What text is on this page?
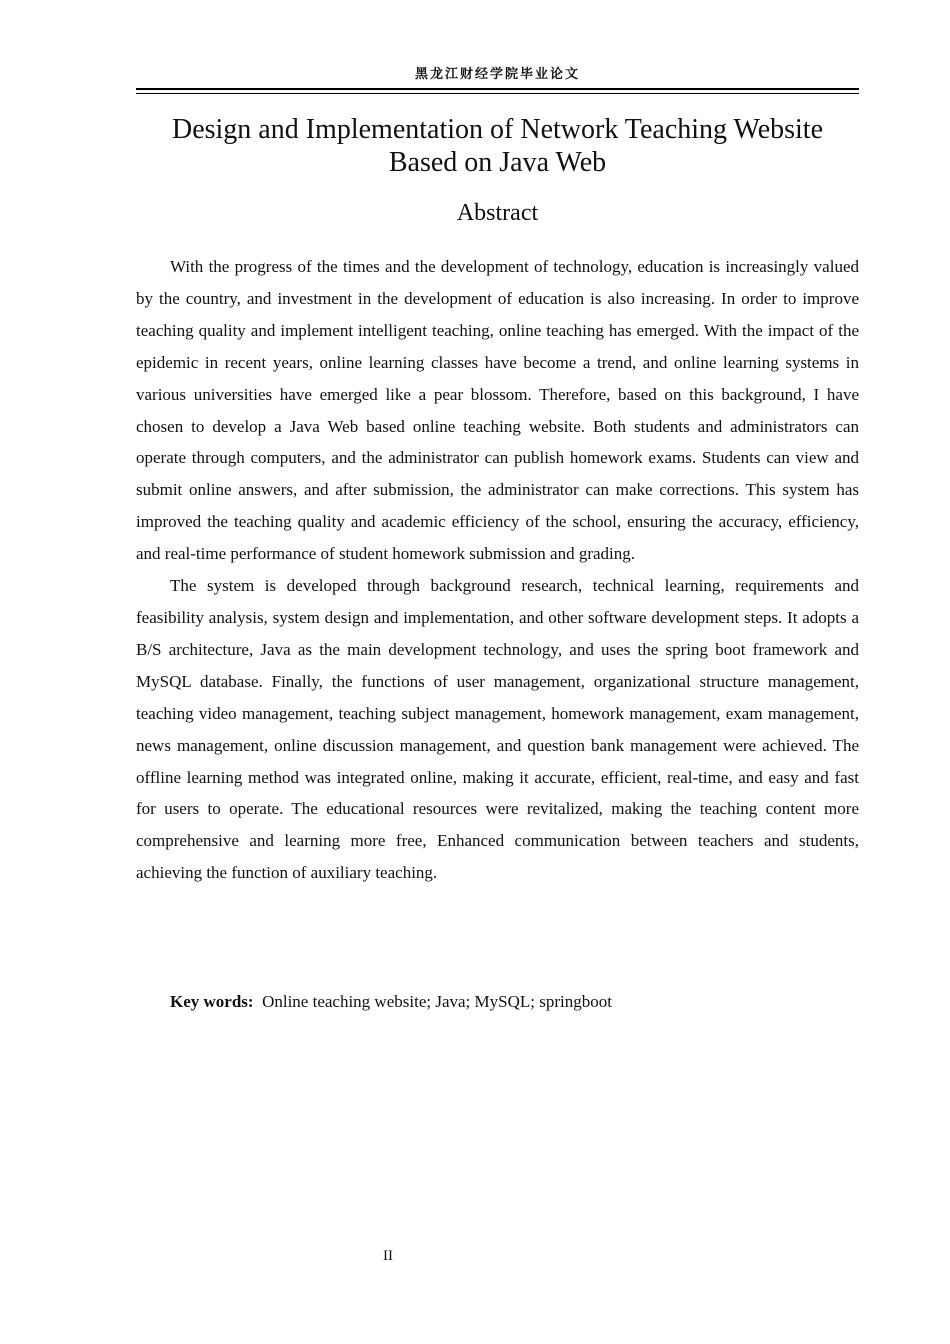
黑龙江财经学院毕业论文
Design and Implementation of Network Teaching Website
Based on Java Web
Abstract

With the progress of the times and the development of technology, education is increasingly valued by the country, and investment in the development of education is also increasing. In order to improve teaching quality and implement intelligent teaching, online teaching has emerged. With the impact of the epidemic in recent years, online learning classes have become a trend, and online learning systems in various universities have emerged like a pear blossom. Therefore, based on this background, I have chosen to develop a Java Web based online teaching website. Both students and administrators can operate through computers, and the administrator can publish homework exams. Students can view and submit online answers, and after submission, the administrator can make corrections. This system has improved the teaching quality and academic efficiency of the school, ensuring the accuracy, efficiency, and real-time performance of student homework submission and grading.

The system is developed through background research, technical learning, requirements and feasibility analysis, system design and implementation, and other software development steps. It adopts a B/S architecture, Java as the main development technology, and uses the spring boot framework and MySQL database. Finally, the functions of user management, organizational structure management, teaching video management, teaching subject management, homework management, exam management, news management, online discussion management, and question bank management were achieved. The offline learning method was integrated online, making it accurate, efficient, real-time, and easy and fast for users to operate. The educational resources were revitalized, making the teaching content more comprehensive and learning more free, Enhanced communication between teachers and students, achieving the function of auxiliary teaching.

Key words: Online teaching website; Java; MySQL; springboot
II
